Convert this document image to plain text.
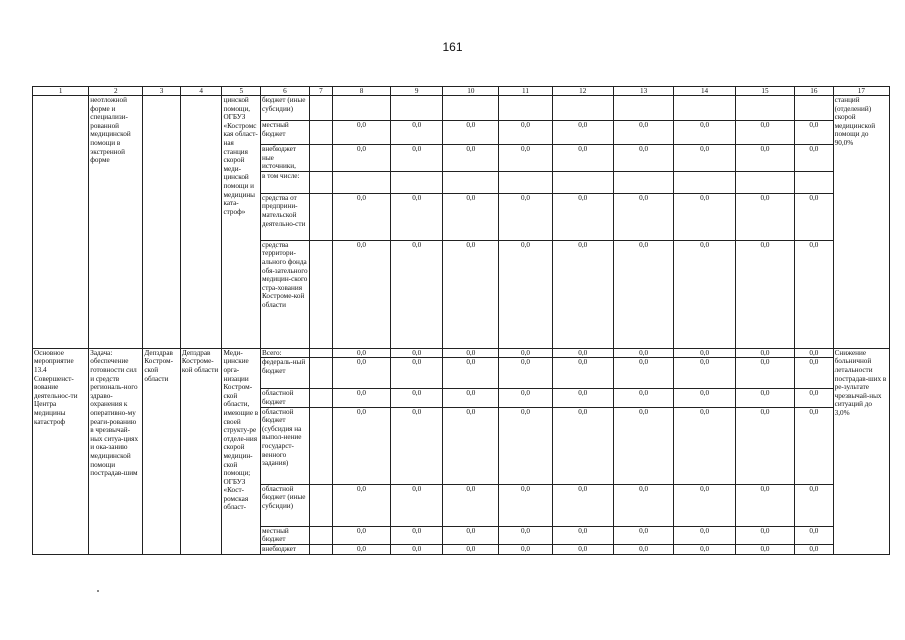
161
1	2	3	4	5	6	7	8	9	10	11	12	13	14	15	16	17
	неотложной форме и специализи-рованной медицинской помощи в экстренной форме			цинской помощи, ОГБУЗ «Костромская област-ная станция скорой меди-цинской помощи и медицины ката-строф»	бюджет (иные субсидии)											станций (отделений) скорой медицинской помощи до 90,0%
					местный бюджет		0,0	0,0	0,0	0,0	0,0	0,0	0,0	0,0	0,0	
					внебюджет ные источники,		0,0	0,0	0,0	0,0	0,0	0,0	0,0	0,0	0,0	
					в том числе:											
					средства от предприни-мательской деятельно-сти		0,0	0,0	0,0	0,0	0,0	0,0	0,0	0,0	0,0	
					средства территори-ального фонда обя-зательного медицин-ского стра-хования Костроме-кой области		0,0	0,0	0,0	0,0	0,0	0,0	0,0	0,0	0,0	
Основное мероприятие 13.4 Совершенст-вование деятельнос-ти Центра медицины катастроф	Задача: обеспечение готовности сил и средств региональ-ного здраво-охранения к оперативно-му реаги-рованию в чрезвычай-ных ситуа-циях и ока-занию медицинской помощи пострадав-шим	Депздрав Костром-ской области	Депздрав Костроме-кой области	Меди-цинские орга-низации Костром-ской области, имеющие в своей структу-ре отделе-ния скорой медицин-ской помощи; ОГБУЗ «Кост-ромская област-	Всего:		0,0	0,0	0,0	0,0	0,0	0,0	0,0	0,0	0,0	Снижение больничной летальности пострадав-ших в ре-зультате чрезвычай-ных ситуаций до 3,0%
					федераль-ный бюджет		0,0	0,0	0,0	0,0	0,0	0,0	0,0	0,0	0,0	
					областной бюджет		0,0	0,0	0,0	0,0	0,0	0,0	0,0	0,0	0,0	
					областной бюджет (субсидия на выпол-нение государст-венного задания)		0,0	0,0	0,0	0,0	0,0	0,0	0,0	0,0	0,0	
					областной бюджет (иные субсидии)		0,0	0,0	0,0	0,0	0,0	0,0	0,0	0,0	0,0	
					местный бюджет		0,0	0,0	0,0	0,0	0,0	0,0	0,0	0,0	0,0	
					внебюджет		0,0	0,0	0,0	0,0	0,0	0,0	0,0	0,0	0,0	
